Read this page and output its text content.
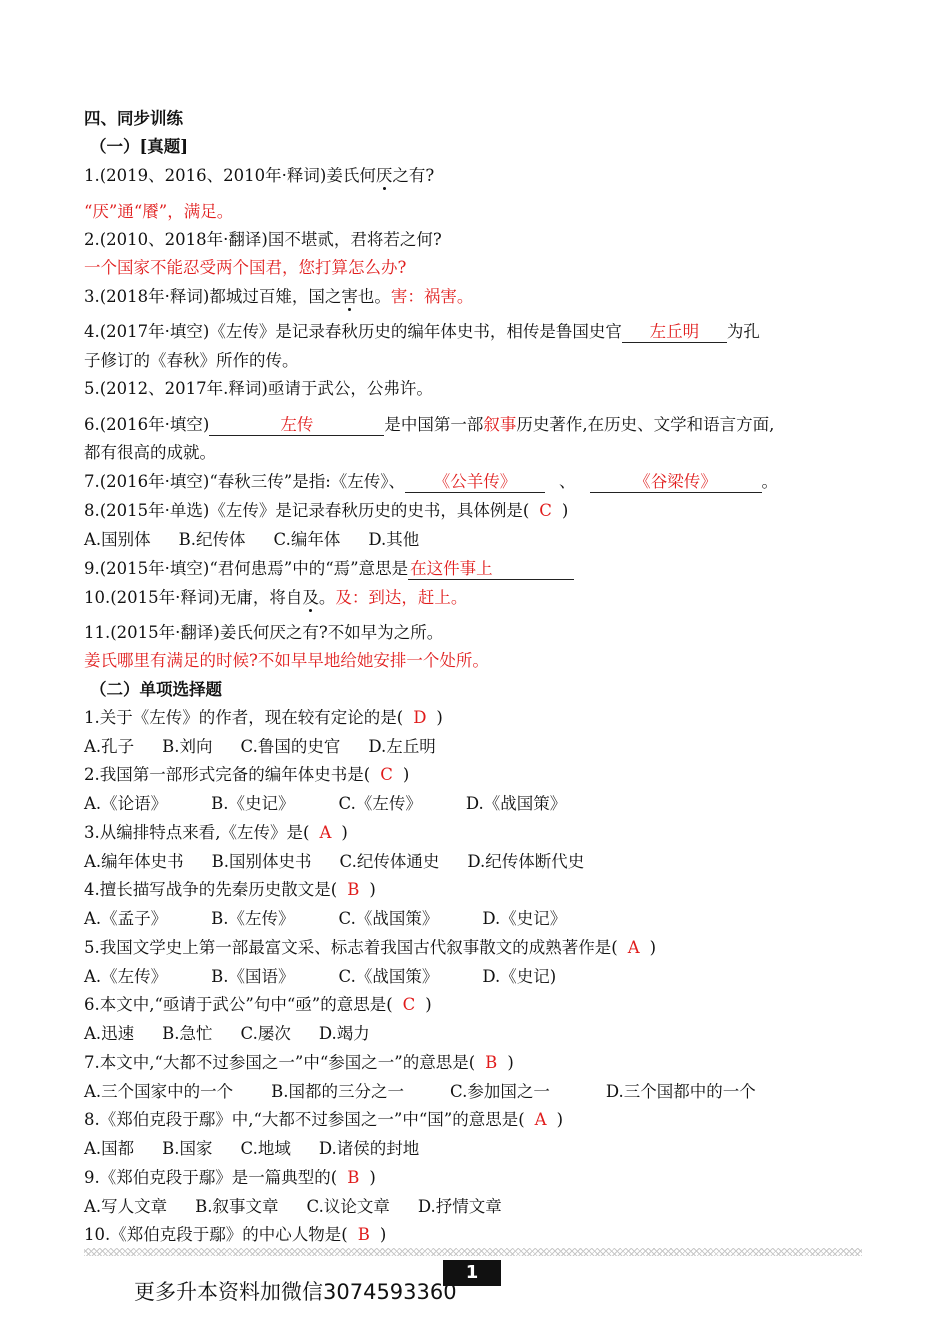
四、同步训练
（一）[真题]
1.(2019、2016、2010年·释词)姜氏何厌之有?
“厌”通“餍”，满足。
2.(2010、2018年·翻译)国不堪贰，君将若之何?
一个国家不能忍受两个国君，您打算怎么办?
3.(2018年·释词)都城过百雉，国之害也。害：祸害。
4.(2017年·填空)《左传》是记录春秋历史的编年体史书，相传是鲁国史官 左丘明 为孔
子修订的《春秋》所作的传。
5.(2012、2017年.释词)亟请于武公，公弗许。
6.(2016年·填空)	左传	是中国第一部叙事历史著作,在历史、文学和语言方面,
都有很高的成就。
7.(2016年·填空)“春秋三传”是指:《左传》、 《公羊传》	、	《谷梁传》	。
8.(2015年·单选)《左传》是记录春秋历史的史书，具体例是( C )
A.国别体 B.纪传体 C.编年体 D.其他
9.(2015年·填空)“君何患焉”中的“焉”意思是 在这件事上
10.(2015年·释词)无庸，将自及。及：到达，赶上。
11.(2015年·翻译)姜氏何厌之有?不如早为之所。
姜氏哪里有满足的时候?不如早早地给她安排一个处所。
（二）单项选择题
1.关于《左传》的作者，现在较有定论的是( D )
A.孔子 B.刘向 C.鲁国的史官 D.左丘明
2.我国第一部形式完备的编年体史书是( C )
A.《论语》	B.《史记》	C.《左传》	D.《战国策》
3.从编排特点来看,《左传》是( A )
A.编年体史书 B.国别体史书 C.纪传体通史 D.纪传体断代史
4.擅长描写战争的先秦历史散文是( B )
A.《孟子》	B.《左传》	C.《战国策》	D.《史记》
5.我国文学史上第一部最富文采、标志着我国古代叙事散文的成熟著作是( A )
A.《左传》	B.《国语》	C.《战国策》	D.《史记)
6.本文中,“亟请于武公”句中“亟”的意思是( C )
A.迅速 B.急忙 C.屡次 D.竭力
7.本文中,“大都不过参国之一”中“参国之一”的意思是( B )
A.三个国家中的一个 B.国都的三分之一	C.参加国之一	D.三个国都中的一个
8.《郑伯克段于鄢》中,“大都不过参国之一”中“国”的意思是( A )
A.国都 B.国家 C.地域 D.诸侯的封地
9.《郑伯克段于鄢》是一篇典型的( B )
A.写人文章 B.叙事文章 C.议论文章 D.抒情文章
10.《郑伯克段于鄢》的中心人物是( B )
1
更多升本资料加微信3074593360
